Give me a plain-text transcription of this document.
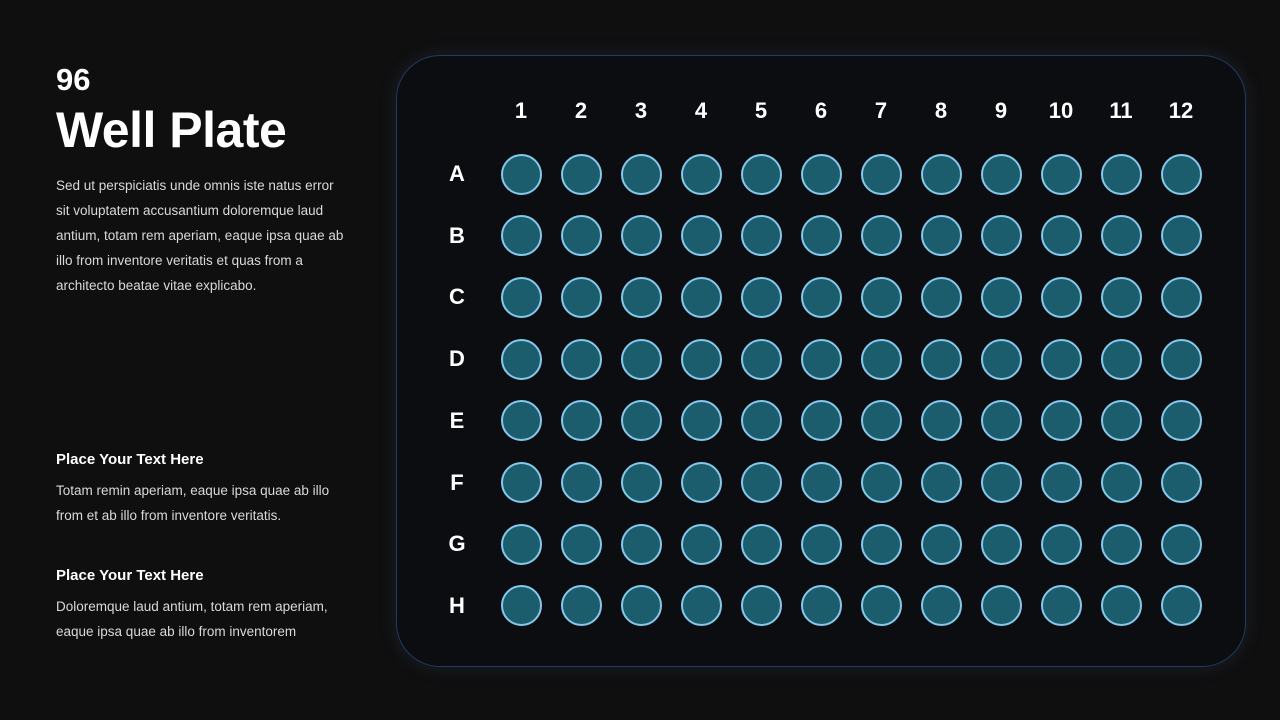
96
Well Plate
Sed ut perspiciatis unde omnis iste natus error sit voluptatem accusantium doloremque laud antium, totam rem aperiam, eaque ipsa quae ab illo from inventore veritatis et quas from a architecto beatae vitae explicabo.
Place Your Text Here

Totam remin aperiam, eaque ipsa quae ab illo from et ab illo from inventore veritatis.

Place Your Text Here

Doloremque laud antium, totam rem aperiam, eaque ipsa quae ab illo from inventorem

1	2	3	4	5	6	7	8	9	10	11	12
A
B
C
D
E
F
G
H
